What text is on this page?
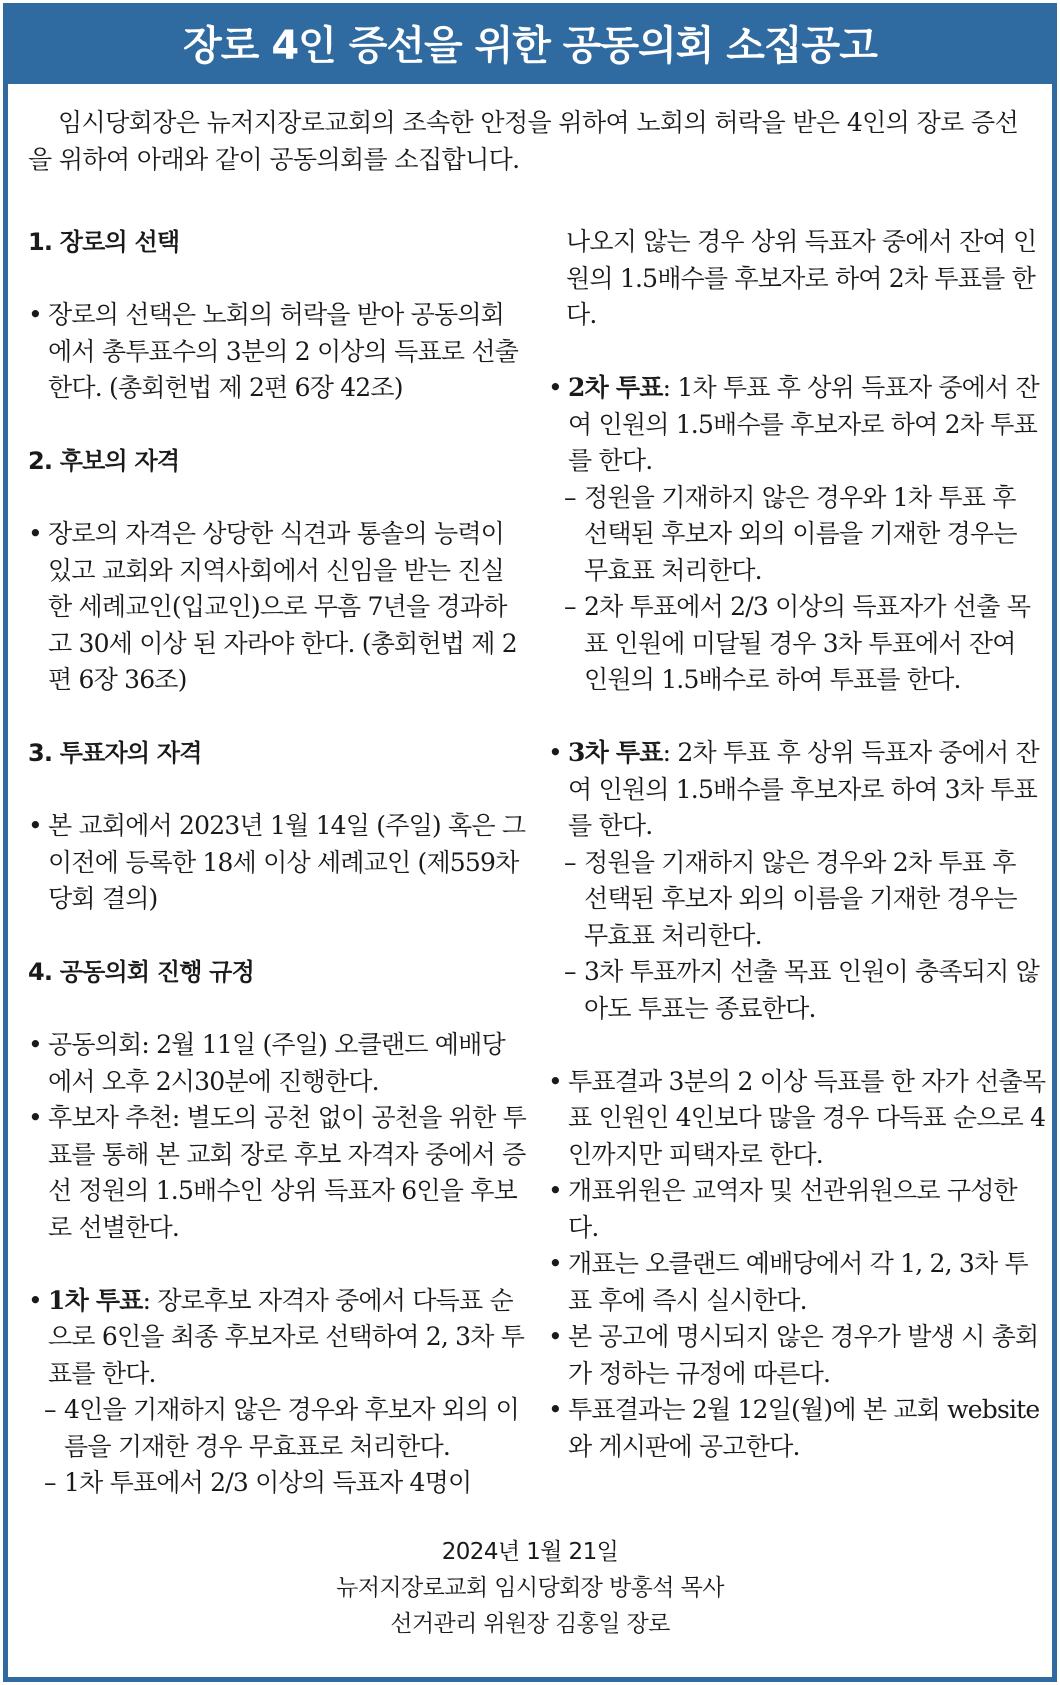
장로 4인 증선을 위한 공동의회 소집공고

임시당회장은 뉴저지장로교회의 조속한 안정을 위하여 노회의 허락을 받은 4인의 장로 증선을 위하여 아래와 같이 공동의회를 소집합니다.

1. 장로의 선택

• 장로의 선택은 노회의 허락을 받아 공동의회에서 총투표수의 3분의 2 이상의 득표로 선출한다. (총회헌법 제 2편 6장 42조)

2. 후보의 자격

• 장로의 자격은 상당한 식견과 통솔의 능력이 있고 교회와 지역사회에서 신임을 받는 진실한 세례교인(입교인)으로 무흠 7년을 경과하고 30세 이상 된 자라야 한다. (총회헌법 제 2편 6장 36조)

3. 투표자의 자격

• 본 교회에서 2023년 1월 14일 (주일) 혹은 그 이전에 등록한 18세 이상 세례교인 (제559차 당회 결의)

4. 공동의회 진행 규정

• 공동의회: 2월 11일 (주일) 오클랜드 예배당에서 오후 2시30분에 진행한다.

• 후보자 추천: 별도의 공천 없이 공천을 위한 투표를 통해 본 교회 장로 후보 자격자 중에서 증선 정원의 1.5배수인 상위 득표자 6인을 후보로 선별한다.

• 1차 투표: 장로후보 자격자 중에서 다득표 순으로 6인을 최종 후보자로 선택하여 2, 3차 투표를 한다.

– 4인을 기재하지 않은 경우와 후보자 외의 이름을 기재한 경우 무효표로 처리한다.

– 1차 투표에서 2/3 이상의 득표자 4명이

나오지 않는 경우 상위 득표자 중에서 잔여 인원의 1.5배수를 후보자로 하여 2차 투표를 한다.

• 2차 투표: 1차 투표 후 상위 득표자 중에서 잔여 인원의 1.5배수를 후보자로 하여 2차 투표를 한다.

– 정원을 기재하지 않은 경우와 1차 투표 후 선택된 후보자 외의 이름을 기재한 경우는 무효표 처리한다.

– 2차 투표에서 2/3 이상의 득표자가 선출 목표 인원에 미달될 경우 3차 투표에서 잔여 인원의 1.5배수로 하여 투표를 한다.

• 3차 투표: 2차 투표 후 상위 득표자 중에서 잔여 인원의 1.5배수를 후보자로 하여 3차 투표를 한다.

– 정원을 기재하지 않은 경우와 2차 투표 후 선택된 후보자 외의 이름을 기재한 경우는 무효표 처리한다.

– 3차 투표까지 선출 목표 인원이 충족되지 않아도 투표는 종료한다.

• 투표결과 3분의 2 이상 득표를 한 자가 선출목표 인원인 4인보다 많을 경우 다득표 순으로 4인까지만 피택자로 한다.

• 개표위원은 교역자 및 선관위원으로 구성한다.

• 개표는 오클랜드 예배당에서 각 1, 2, 3차 투표 후에 즉시 실시한다.

• 본 공고에 명시되지 않은 경우가 발생 시 총회가 정하는 규정에 따른다.

• 투표결과는 2월 12일(월)에 본 교회 website와 게시판에 공고한다.

2024년 1월 21일
뉴저지장로교회 임시당회장 방홍석 목사
선거관리 위원장 김홍일 장로
